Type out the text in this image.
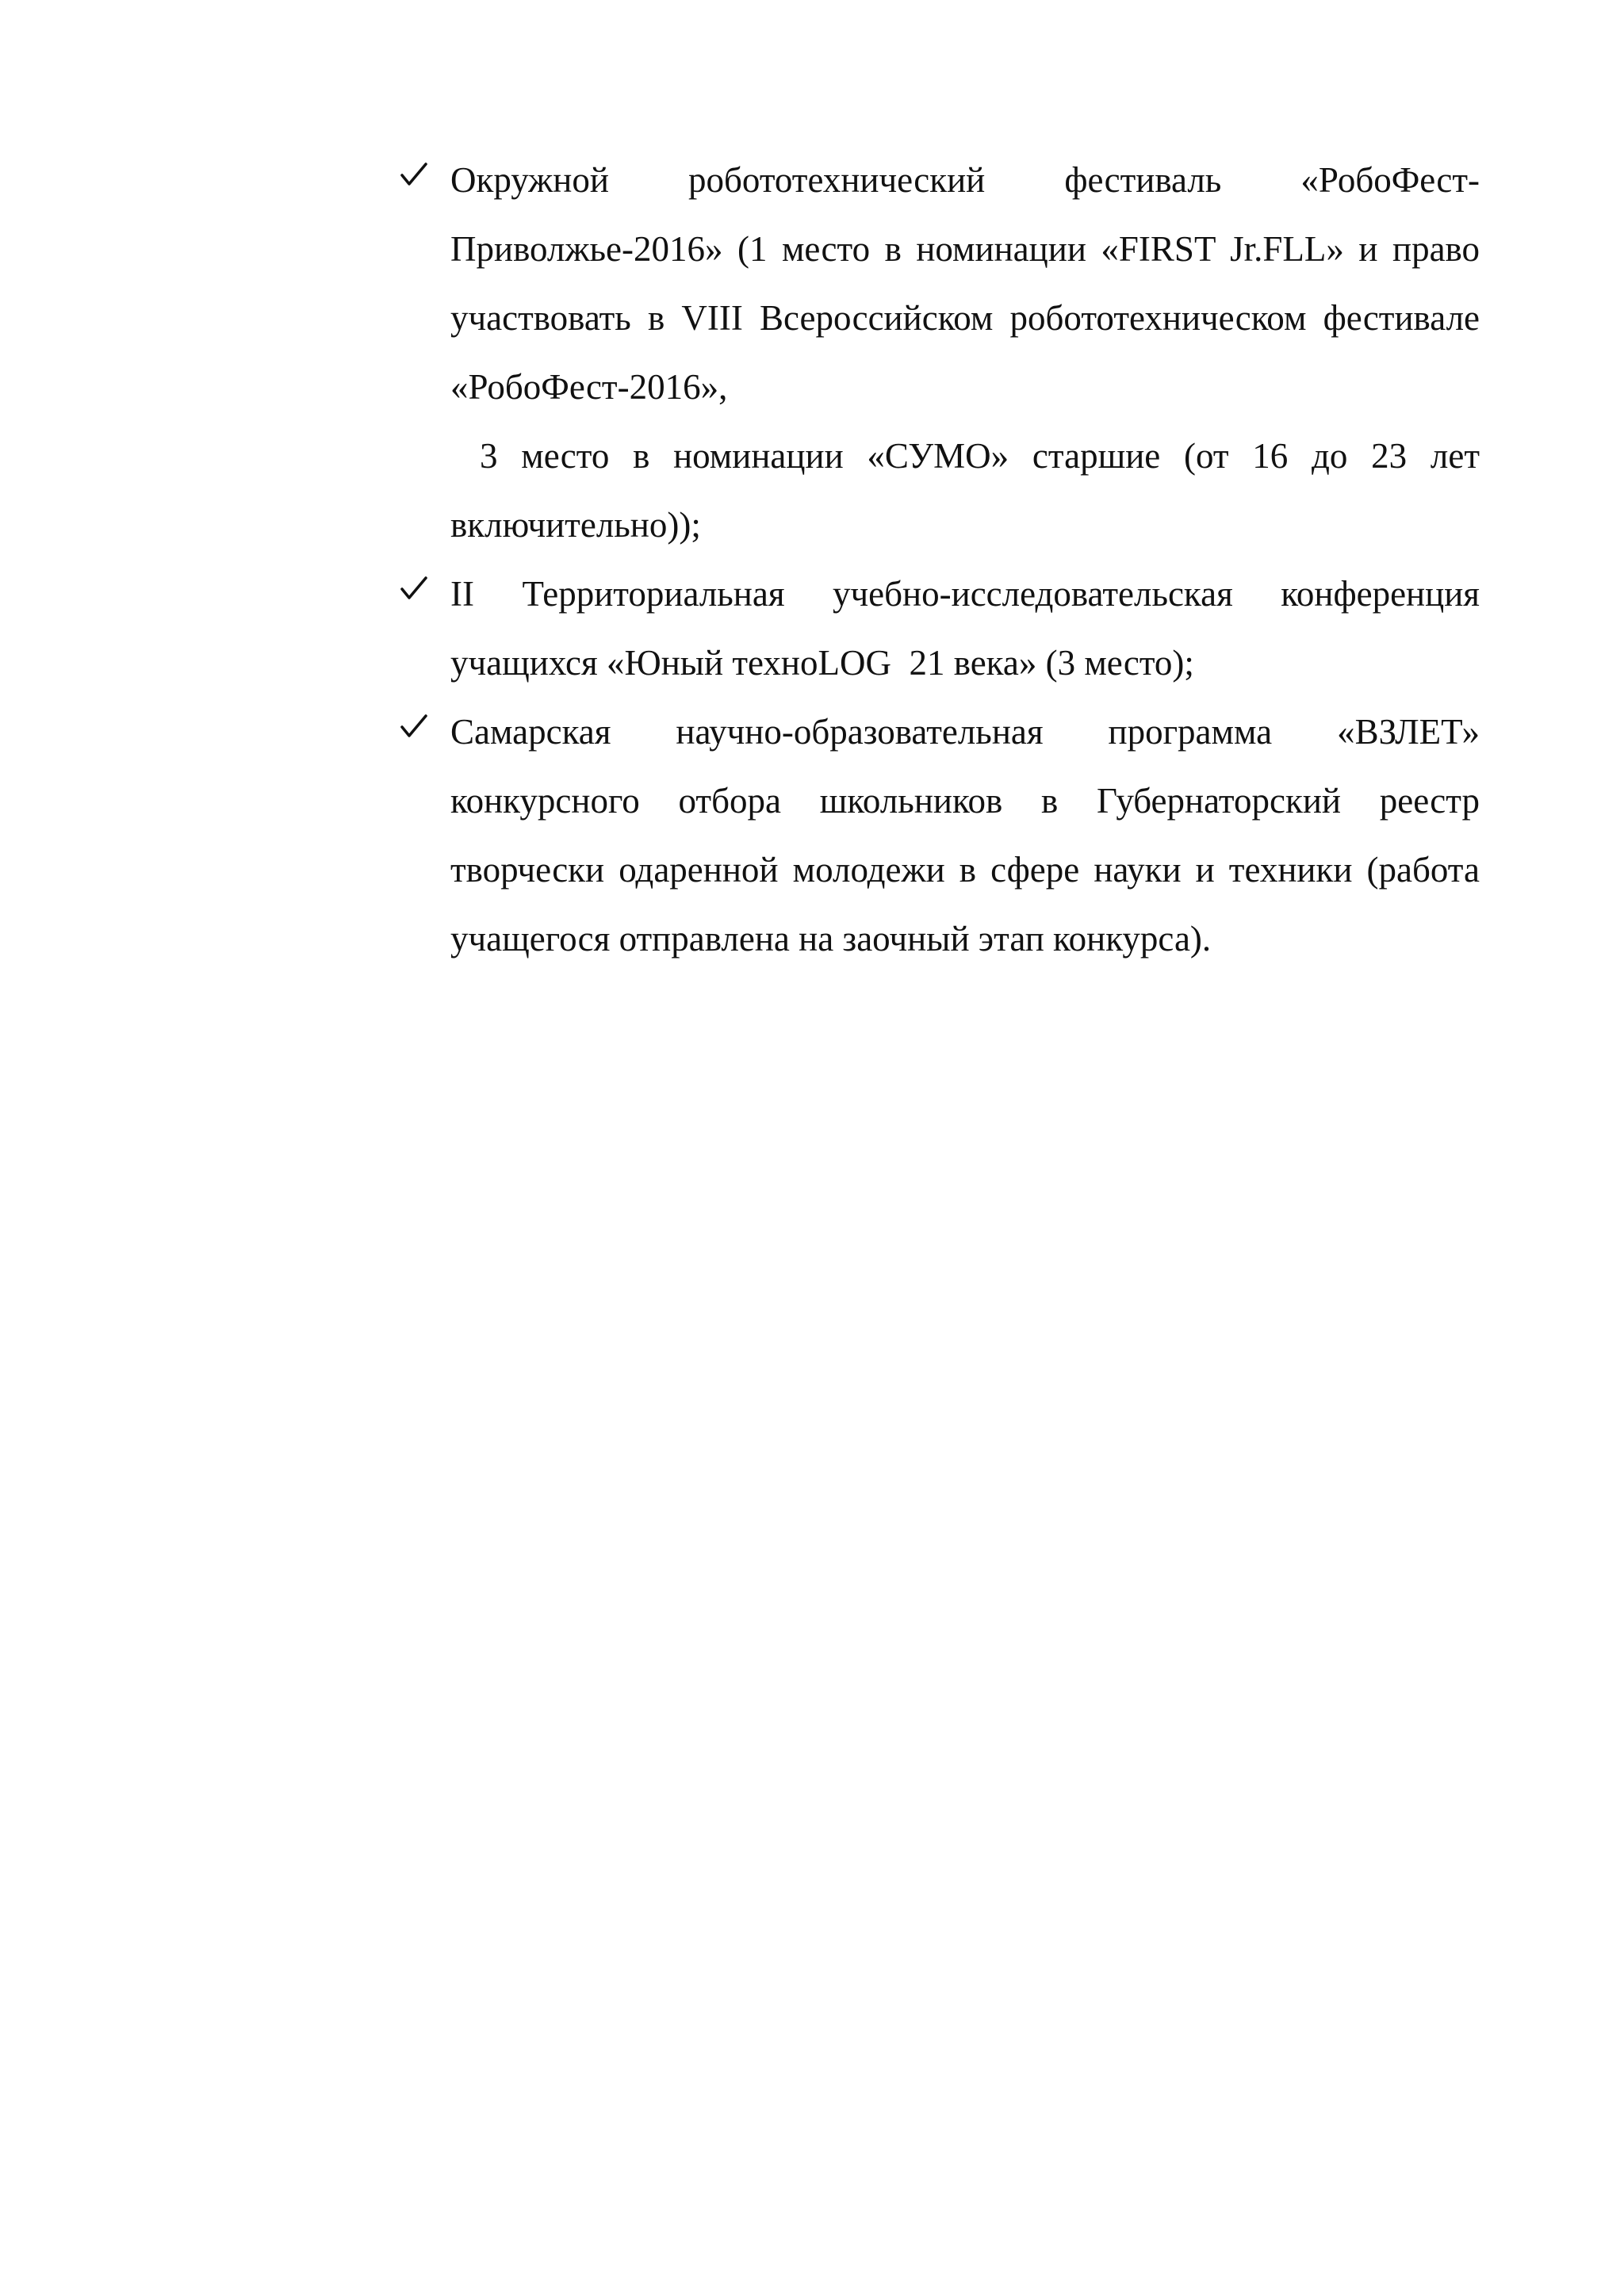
Окружной робототехнический фестиваль «РобоФест-Приволжье-2016» (1 место в номинации «FIRST Jr.FLL» и право участвовать в VIII Всероссийском робототехническом фестивале «РобоФест-2016»,

3 место в номинации «СУМО» старшие (от 16 до 23 лет включительно));

II Территориальная учебно-исследовательская конференция учащихся «Юный техноLOG  21 века» (3 место);

Самарская научно-образовательная программа «ВЗЛЕТ» конкурсного отбора школьников в Губернаторский реестр творчески одаренной молодежи в сфере науки и техники (работа учащегося отправлена на заочный этап конкурса).
